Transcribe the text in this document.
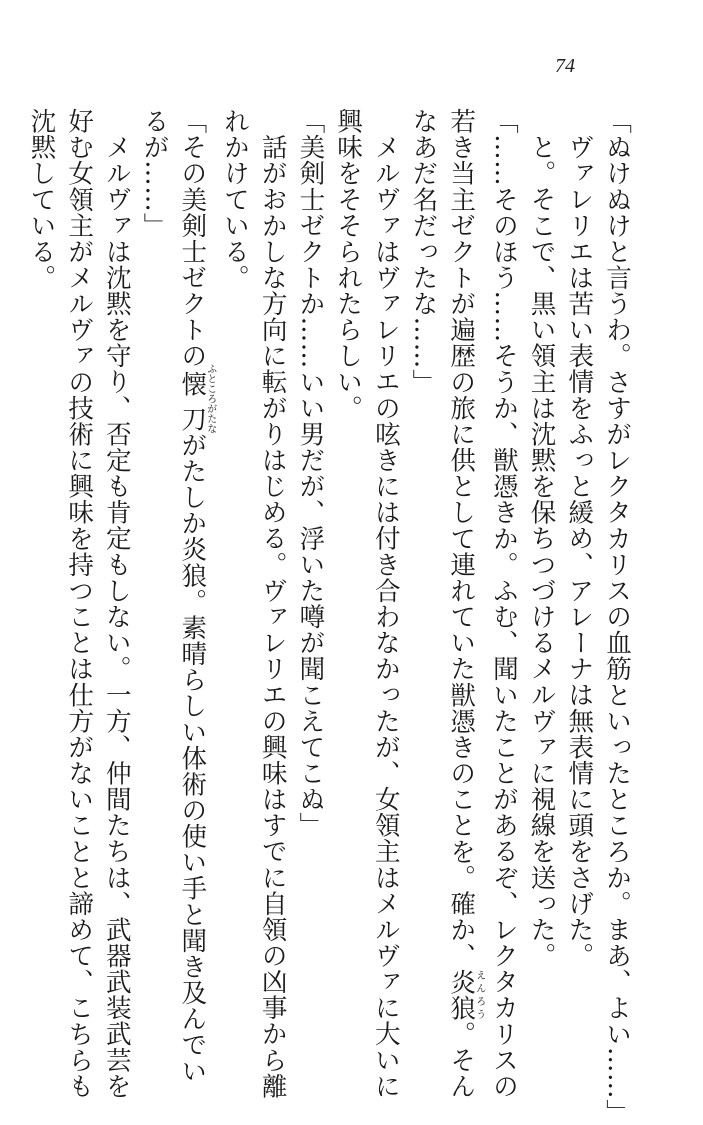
74

「ぬけぬけと言うわ。さすがレクタカリスの血筋といったところか。まあ、よい……」

ヴァレリエは苦い表情をふっと緩め、アレーナは無表情に頭をさげた。

と。そこで、黒い領主は沈黙を保ちつづけるメルヴァに視線を送った。

「……そのほう……そうか、獣憑きか。ふむ、聞いたことがあるぞ、レクタカリスの

若き当主ゼクトが遍歴の旅に供として連れていた獣憑きのことを。確か、炎狼えんろう。そん

なあだ名だったな……」

メルヴァはヴァレリエの呟きには付き合わなかったが、女領主はメルヴァに大いに

興味をそそられたらしい。

「美剣士ゼクトか……いい男だが、浮いた噂が聞こえてこぬ」

話がおかしな方向に転がりはじめる。ヴァレリエの興味はすでに自領の凶事から離

れかけている。

「その美剣士ゼクトの懐ふところ刀がたながたしか炎狼。素晴らしい体術の使い手と聞き及んでい

るが……」

メルヴァは沈黙を守り、否定も肯定もしない。一方、仲間たちは、武器武装武芸を

好む女領主がメルヴァの技術に興味を持つことは仕方がないことと諦めて、こちらも

沈黙している。
